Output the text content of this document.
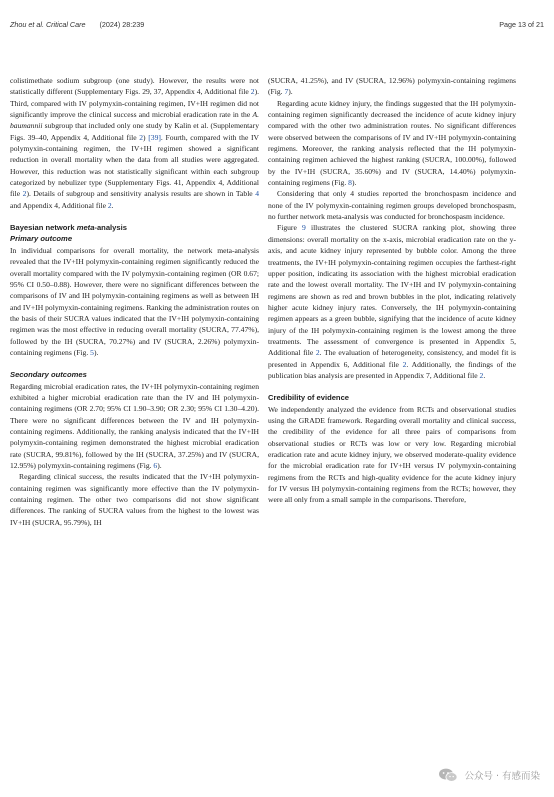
Zhou et al. Critical Care (2024) 28:239	Page 13 of 21

colistimethate sodium subgroup (one study). However, the results were not statistically different (Supplementary Figs. 29, 37, Appendix 4, Additional file 2). Third, compared with IV polymyxin-containing regimen, IV+IH regimen did not significantly improve the clinical success and microbial eradication rate in the A. baumannii subgroup that included only one study by Kalin et al. (Supplementary Figs. 39–40, Appendix 4, Additional file 2) [39]. Fourth, compared with the IV polymyxin-containing regimen, the IV+IH regimen showed a significant reduction in overall mortality when the data from all studies were aggregated. However, this reduction was not statistically significant within each subgroup categorized by nebulizer type (Supplementary Figs. 41, Appendix 4, Additional file 2). Details of subgroup and sensitivity analysis results are shown in Table 4 and Appendix 4, Additional file 2.

Bayesian network meta-analysis

Primary outcome

In individual comparisons for overall mortality, the network meta-analysis revealed that the IV+IH polymyxin-containing regimen significantly reduced the overall mortality compared with the IV polymyxin-containing regimen (OR 0.67; 95% CI 0.50–0.88). However, there were no significant differences between the comparisons of IV and IH polymyxin-containing regimens as well as between IH and IV+IH polymyxin-containing regimens. Ranking the administration routes on the basis of their SUCRA values indicated that the IV+IH polymyxin-containing regimen was the most effective in reducing overall mortality (SUCRA, 77.47%), followed by the IH (SUCRA, 70.27%) and IV (SUCRA, 2.26%) polymyxin-containing regimens (Fig. 5).

Secondary outcomes

Regarding microbial eradication rates, the IV+IH polymyxin-containing regimen exhibited a higher microbial eradication rate than the IV and IH polymyxin-containing regimens (OR 2.70; 95% CI 1.90–3.90; OR 2.30; 95% CI 1.30–4.20). There were no significant differences between the IV and IH polymyxin-containing regimens. Additionally, the ranking analysis indicated that the IV+IH polymyxin-containing regimen demonstrated the highest microbial eradication rate (SUCRA, 99.81%), followed by the IH (SUCRA, 37.25%) and IV (SUCRA, 12.95%) polymyxin-containing regimens (Fig. 6).

Regarding clinical success, the results indicated that the IV+IH polymyxin-containing regimen was significantly more effective than the IV polymyxin-containing regimen. The other two comparisons did not show significant differences. The ranking of SUCRA values from the highest to the lowest was IV+IH (SUCRA, 95.79%), IH

(SUCRA, 41.25%), and IV (SUCRA, 12.96%) polymyxin-containing regimens (Fig. 7).

Regarding acute kidney injury, the findings suggested that the IH polymyxin-containing regimen significantly decreased the incidence of acute kidney injury compared with the other two administration routes. No significant differences were observed between the comparisons of IV and IV+IH polymyxin-containing regimens. Moreover, the ranking analysis reflected that the IH polymyxin-containing regimen achieved the highest ranking (SUCRA, 100.00%), followed by the IV+IH (SUCRA, 35.60%) and IV (SUCRA, 14.40%) polymyxin-containing regimens (Fig. 8).

Considering that only 4 studies reported the bronchospasm incidence and none of the IV polymyxin-containing regimen groups developed bronchospasm, no further network meta-analysis was conducted for bronchospasm incidence.

Figure 9 illustrates the clustered SUCRA ranking plot, showing three dimensions: overall mortality on the x-axis, microbial eradication rate on the y-axis, and acute kidney injury represented by bubble color. Among the three treatments, the IV+IH polymyxin-containing regimen occupies the farthest-right upper position, indicating its association with the highest microbial eradication rate and the lowest overall mortality. The IV+IH and IV polymyxin-containing regimens are shown as red and brown bubbles in the plot, indicating relatively higher acute kidney injury rates. Conversely, the IH polymyxin-containing regimen appears as a green bubble, signifying that the incidence of acute kidney injury of the IH polymyxin-containing regimen is the lowest among the three treatments. The assessment of convergence is presented in Appendix 5, Additional file 2. The evaluation of heterogeneity, consistency, and model fit is presented in Appendix 6, Additional file 2. Additionally, the findings of the publication bias analysis are presented in Appendix 7, Additional file 2.

Credibility of evidence

We independently analyzed the evidence from RCTs and observational studies using the GRADE framework. Regarding overall mortality and clinical success, the credibility of the evidence for all three pairs of comparisons from observational studies or RCTs was low or very low. Regarding microbial eradication rate and acute kidney injury, we observed moderate-quality evidence for the microbial eradication rate for IV+IH versus IV polymyxin-containing regimens from the RCTs and high-quality evidence for the acute kidney injury for IV versus IH polymyxin-containing regimens from the RCTs; however, they were all only from a small sample in the comparisons. Therefore,

公众号 · 有感而染
